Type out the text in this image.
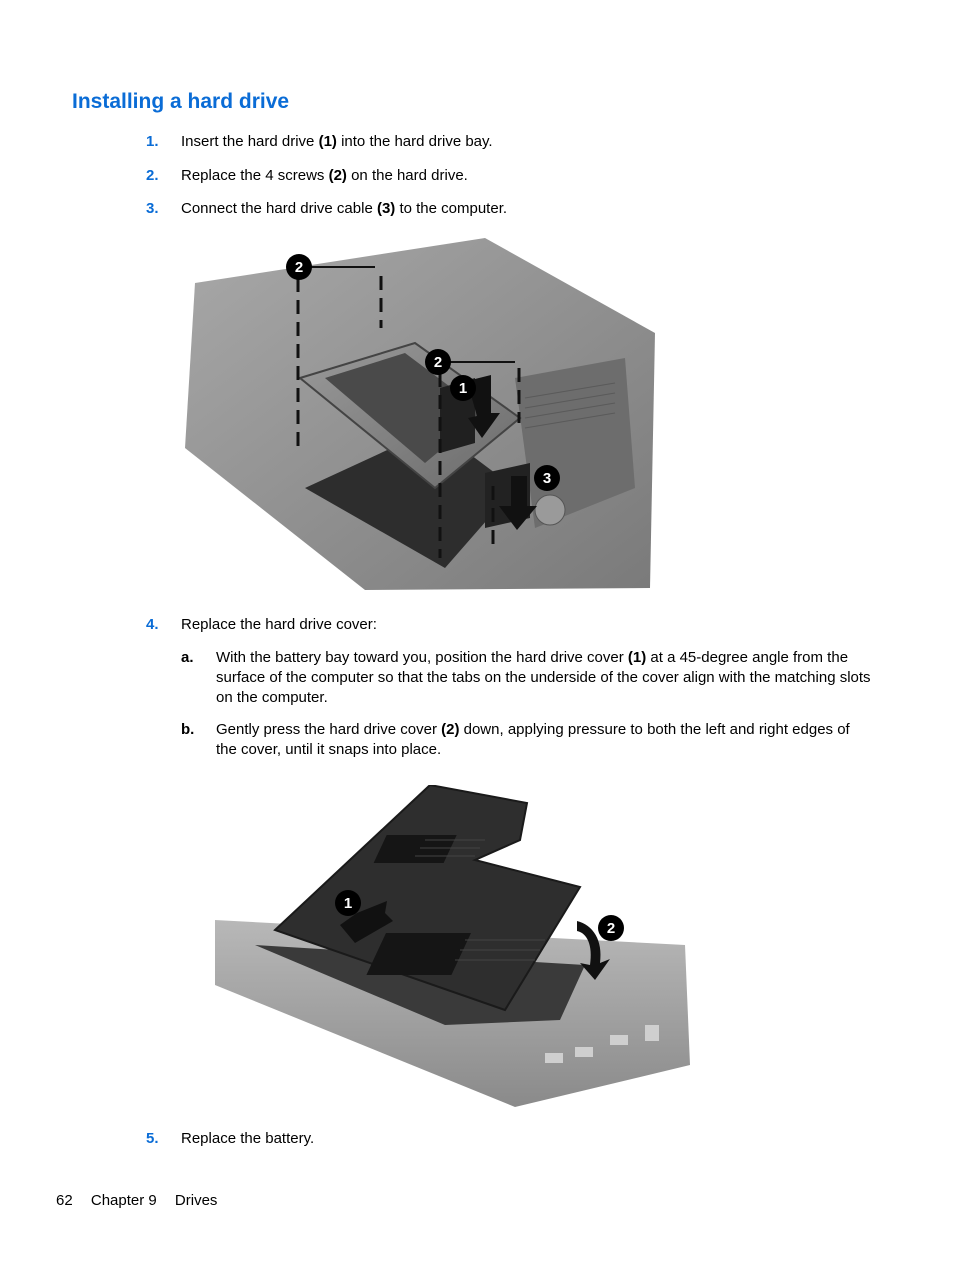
Installing a hard drive
1.	Insert the hard drive (1) into the hard drive bay.
2.	Replace the 4 screws (2) on the hard drive.
3.	Connect the hard drive cable (3) to the computer.
2
2
1
3
4.	Replace the hard drive cover:
a. With the battery bay toward you, position the hard drive cover (1) at a 45-degree angle from the surface of the computer so that the tabs on the underside of the cover align with the matching slots on the computer.
b. Gently press the hard drive cover (2) down, applying pressure to both the left and right edges of the cover, until it snaps into place.
1
2
5.	Replace the battery.
62 Chapter 9 Drives
